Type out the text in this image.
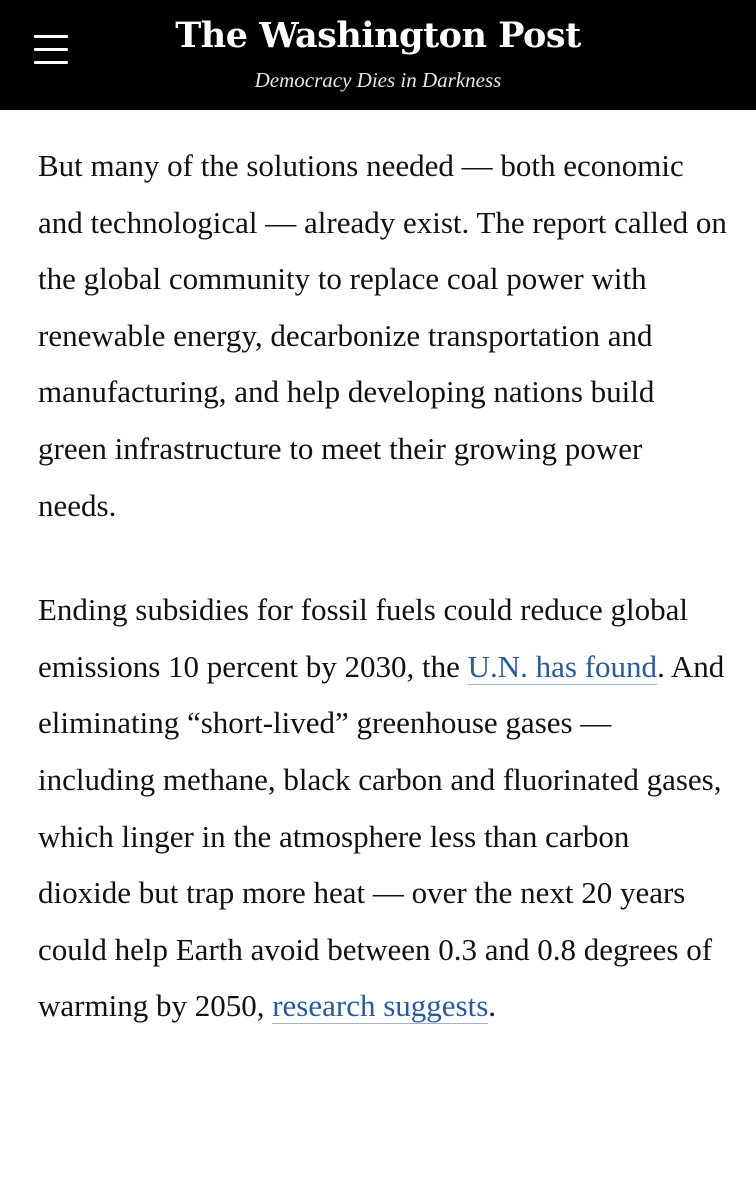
The Washington Post
Democracy Dies in Darkness

But many of the solutions needed — both economic and technological — already exist. The report called on the global community to replace coal power with renewable energy, decarbonize transportation and manufacturing, and help developing nations build green infrastructure to meet their growing power needs.

Ending subsidies for fossil fuels could reduce global emissions 10 percent by 2030, the U.N. has found. And eliminating “short-lived” greenhouse gases — including methane, black carbon and fluorinated gases, which linger in the atmosphere less than carbon dioxide but trap more heat — over the next 20 years could help Earth avoid between 0.3 and 0.8 degrees of warming by 2050, research suggests.
